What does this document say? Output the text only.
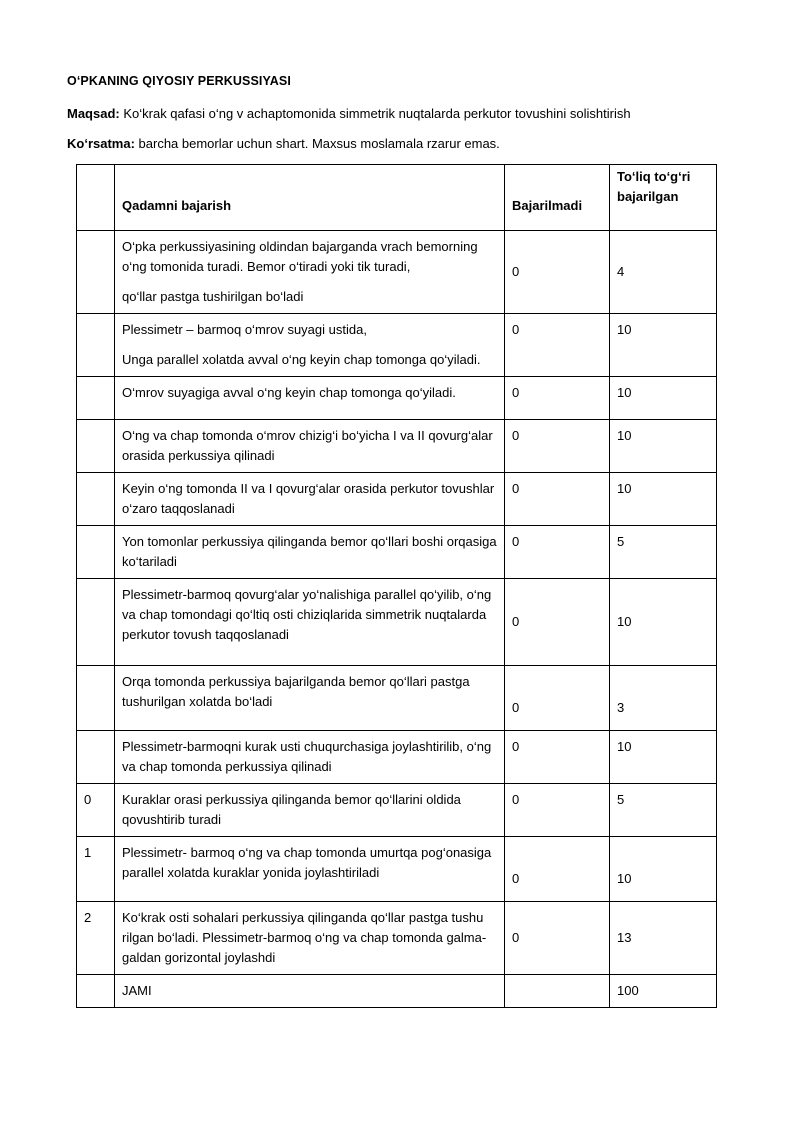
O‘PKANING QIYOSIY PERKUSSIYASI
Maqsad: Ko‘krak qafasi o‘ng v achaptomonida simmetrik nuqtalarda perkutor tovushini solishtirish
Ko‘rsatma: barcha bemorlar uchun shart. Maxsus moslamala rzarur emas.
	Qadamni bajarish	Bajarilmadi	To‘liq to‘g‘ri bajarilgan
	O‘pka perkussiyasining oldindan bajarganda vrach bemorning o‘ng tomonida turadi. Bemor o‘tiradi yoki tik turadi,
qo‘llar pastga tushirilgan bo‘ladi	0	4
	Plessimetr – barmoq o‘mrov suyagi ustida,
Unga parallel xolatda avval o‘ng keyin chap tomonga qo‘yiladi.	0	10
	O‘mrov suyagiga avval o‘ng keyin chap tomonga qo‘yiladi.	0	10
	O‘ng va chap tomonda o‘mrov chizig‘i bo‘yicha I va II qovurg‘alar orasida perkussiya qilinadi	0	10
	Keyin o‘ng tomonda II va I qovurg‘alar orasida perkutor tovushlar o‘zaro taqqoslanadi	0	10
	Yon tomonlar perkussiya qilinganda bemor qo‘llari boshi orqasiga ko‘tariladi	0	5
	Plessimetr-barmoq qovurg‘alar yo‘nalishiga parallel qo‘yilib, o‘ng va chap tomondagi qo‘ltiq osti chiziqlarida simmetrik nuqtalarda perkutor tovush taqqoslanadi	0	10
	Orqa tomonda perkussiya bajarilganda bemor qo‘llari pastga tushurilgan xolatda bo‘ladi	0	3
	Plessimetr-barmoqni kurak usti chuqurchasiga joylashtirilib, o‘ng va chap tomonda perkussiya qilinadi	0	10
0	Kuraklar orasi perkussiya qilinganda bemor qo‘llarini oldida qovushtirib turadi	0	5
1	Plessimetr- barmoq o‘ng va chap tomonda umurtqa pog‘onasiga parallel xolatda kuraklar yonida joylashtiriladi	0	10
2	Ko‘krak osti sohalari perkussiya qilinganda qo‘llar pastga tushu rilgan bo‘ladi. Plessimetr-barmoq o‘ng va chap tomonda galma- galdan gorizontal joylashdi	0	13
	JAMI		100
